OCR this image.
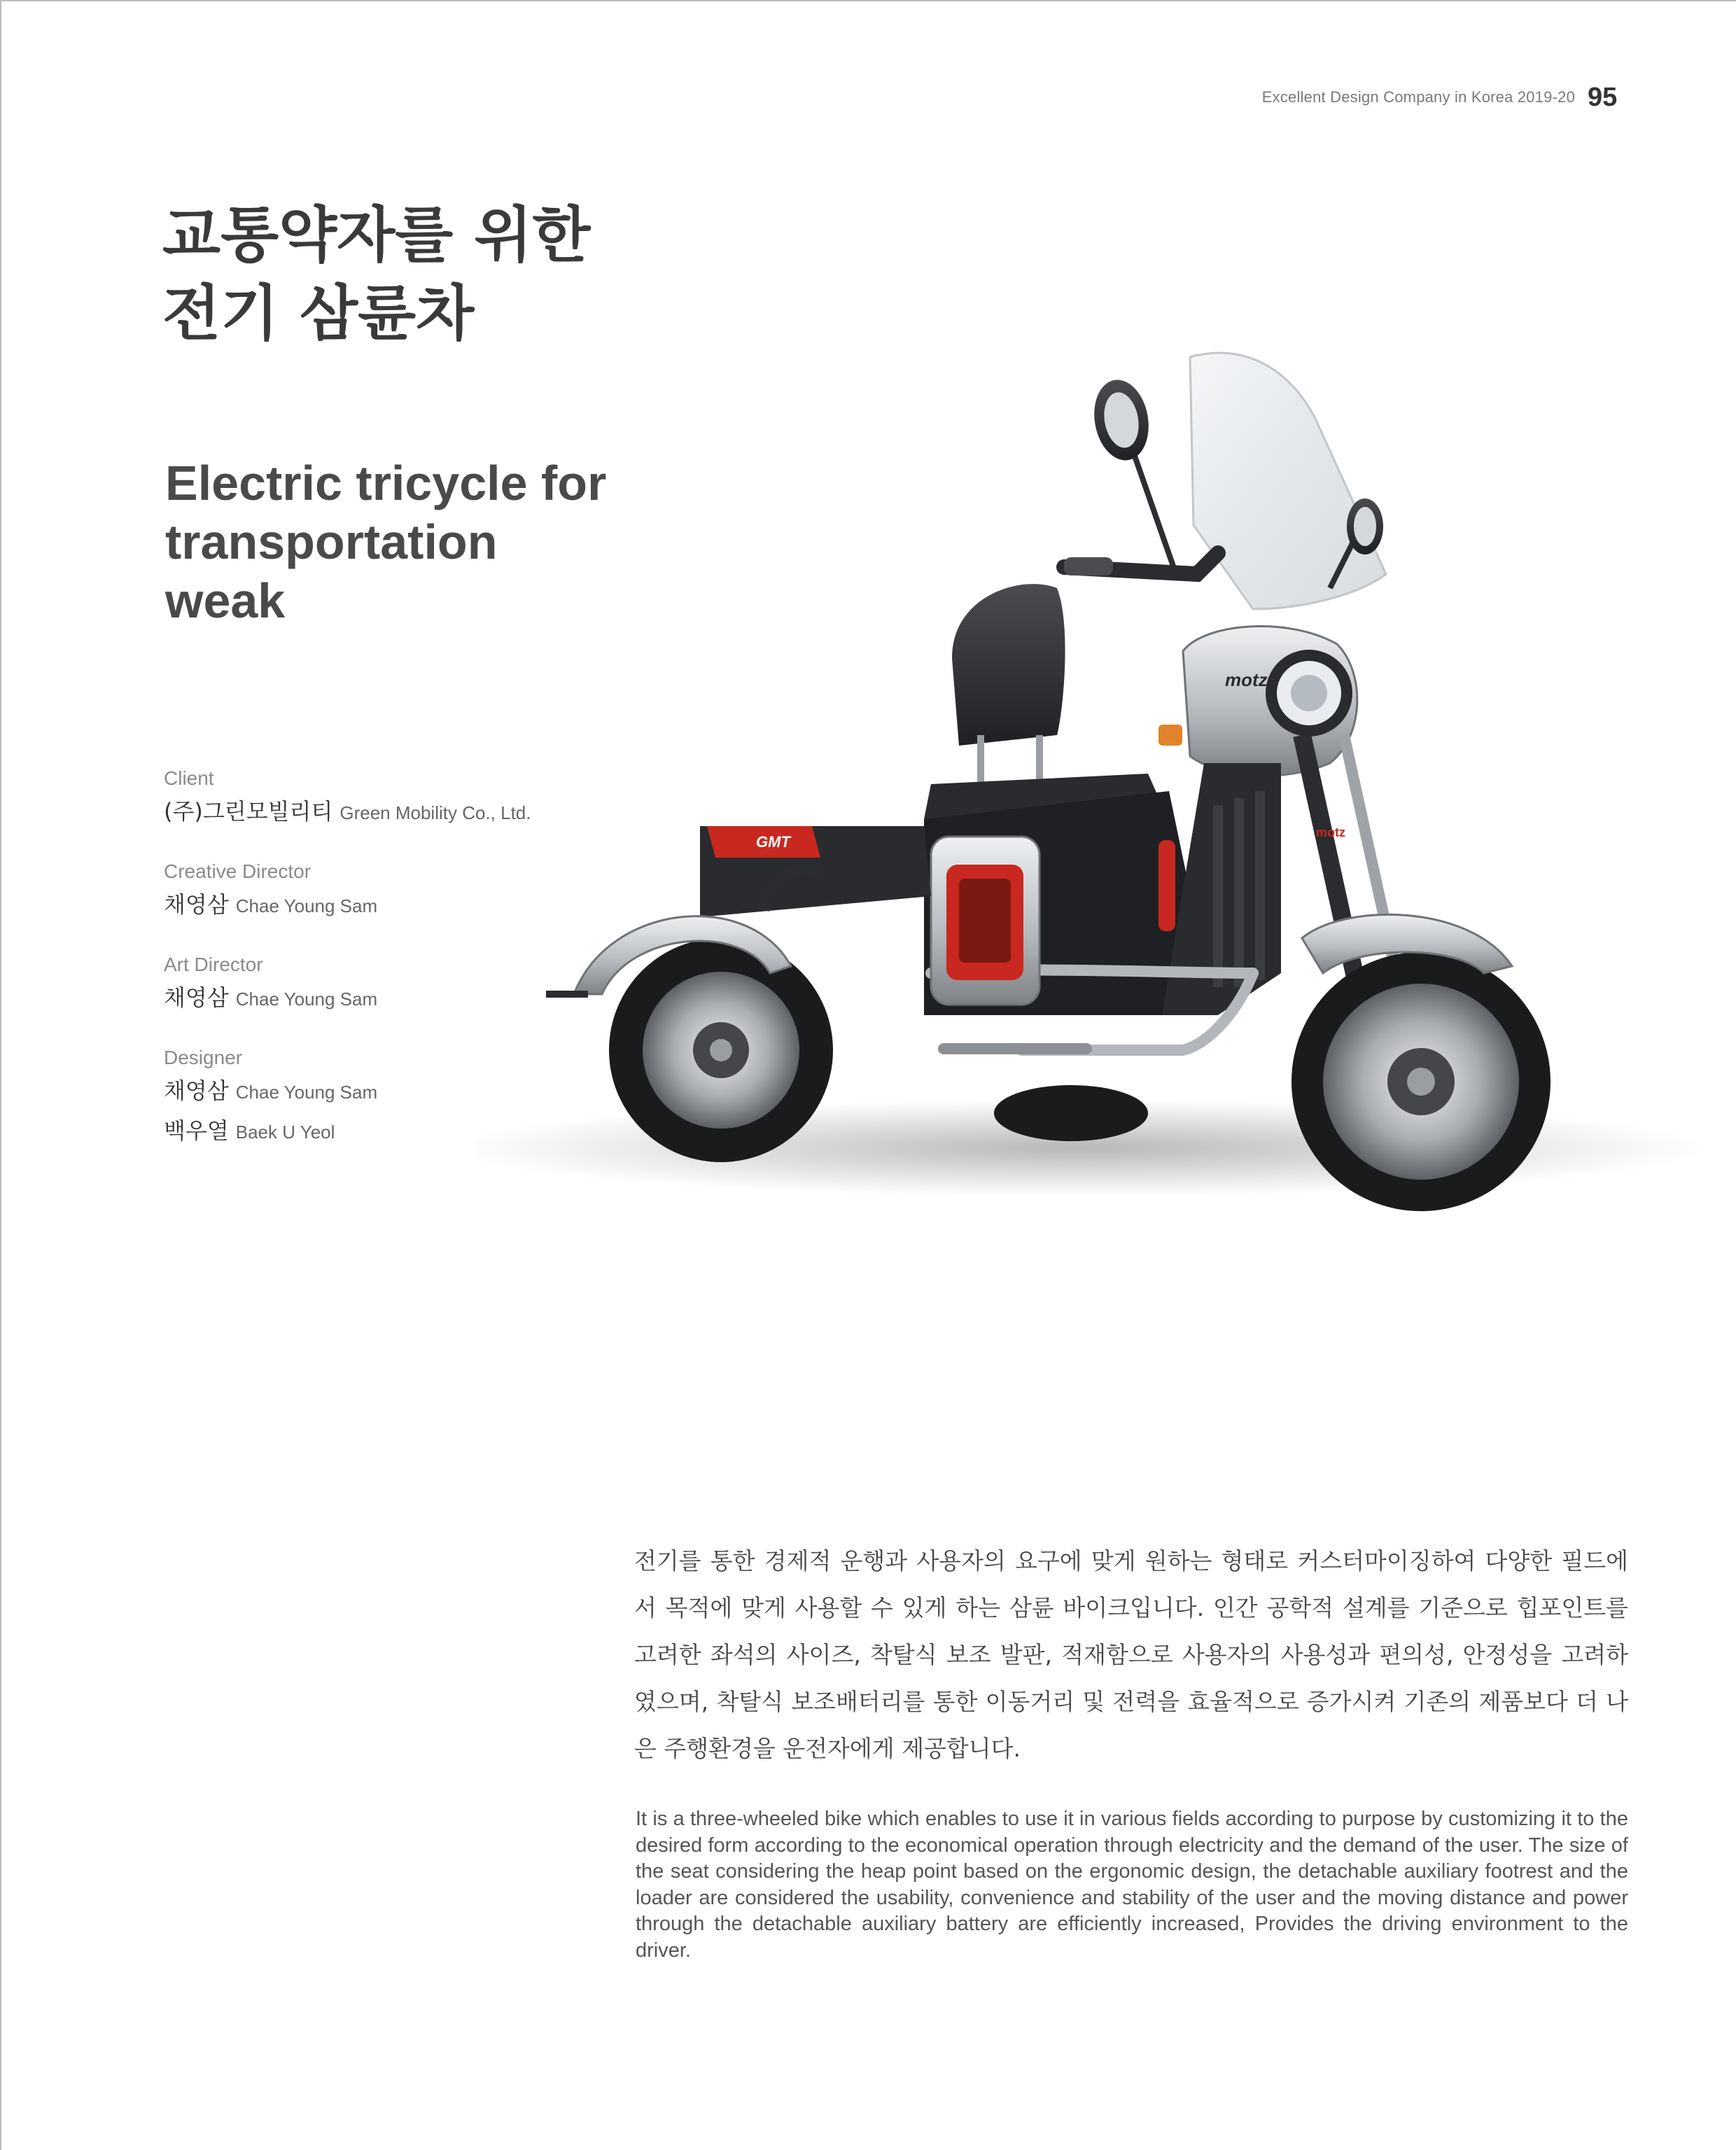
Excellent Design Company in Korea 2019-20 95
교통약자를 위한
전기 삼륜차
Electric tricycle for
transportation
weak
Client
(주)그린모빌리티 Green Mobility Co., Ltd.
Creative Director
채영삼 Chae Young Sam
Art Director
채영삼 Chae Young Sam
Designer
채영삼 Chae Young Sam
백우열 Baek U Yeol
motz
GMT
motz

전기를 통한 경제적 운행과 사용자의 요구에 맞게 원하는 형태로 커스터마이징하여 다양한 필드에서 목적에 맞게 사용할 수 있게 하는 삼륜 바이크입니다. 인간 공학적 설계를 기준으로 힙포인트를 고려한 좌석의 사이즈, 착탈식 보조 발판, 적재함으로 사용자의 사용성과 편의성, 안정성을 고려하였으며, 착탈식 보조배터리를 통한 이동거리 및 전력을 효율적으로 증가시켜 기존의 제품보다 더 나은 주행환경을 운전자에게 제공합니다.

It is a three-wheeled bike which enables to use it in various fields according to purpose by customizing it to the desired form according to the economical operation through electricity and the demand of the user. The size of the seat considering the heap point based on the ergonomic design, the detachable auxiliary footrest and the loader are considered the usability, convenience and stability of the user and the moving distance and power through the detachable auxiliary battery are efficiently increased, Provides the driving environment to the driver.
